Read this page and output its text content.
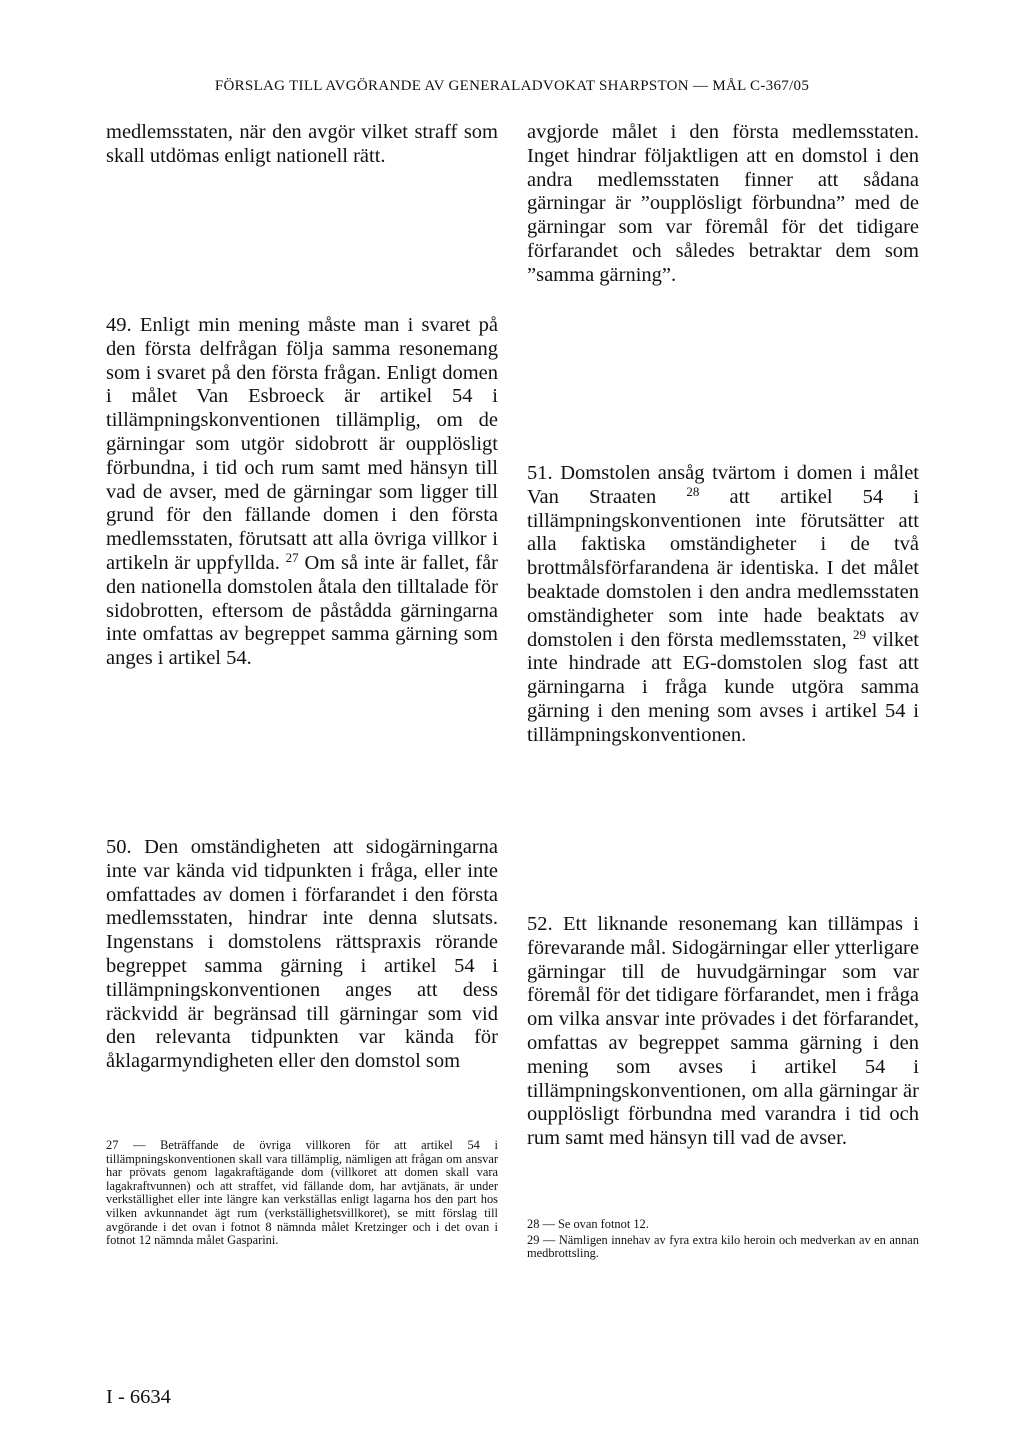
FÖRSLAG TILL AVGÖRANDE AV GENERALADVOKAT SHARPSTON — MÅL C-367/05

medlemsstaten, när den avgör vilket straff som skall utdömas enligt nationell rätt.

49. Enligt min mening måste man i svaret på den första delfrågan följa samma resonemang som i svaret på den första frågan. Enligt domen i målet Van Esbroeck är artikel 54 i tillämpningskonventionen tillämplig, om de gärningar som utgör sidobrott är oupplösligt förbundna, i tid och rum samt med hänsyn till vad de avser, med de gärningar som ligger till grund för den fällande domen i den första medlemsstaten, förutsatt att alla övriga villkor i artikeln är uppfyllda. $^{27}$ Om så inte är fallet, får den nationella domstolen åtala den tilltalade för sidobrotten, eftersom de påstådda gärningarna inte omfattas av begreppet samma gärning som anges i artikel 54.

50. Den omständigheten att sidogärningarna inte var kända vid tidpunkten i fråga, eller inte omfattades av domen i förfarandet i den första medlemsstaten, hindrar inte denna slutsats. Ingenstans i domstolens rättspraxis rörande begreppet samma gärning i artikel 54 i tillämpningskonventionen anges att dess räckvidd är begränsad till gärningar som vid den relevanta tidpunkten var kända för åklagarmyndigheten eller den domstol som

27 — Beträffande de övriga villkoren för att artikel 54 i tillämpningskonventionen skall vara tillämplig, nämligen att frågan om ansvar har prövats genom lagakraftägande dom (villkoret att domen skall vara lagakraftvunnen) och att straffet, vid fällande dom, har avtjänats, är under verkställighet eller inte längre kan verkställas enligt lagarna hos den part hos vilken avkunnandet ägt rum (verkställighetsvillkoret), se mitt förslag till avgörande i det ovan i fotnot 8 nämnda målet Kretzinger och i det ovan i fotnot 12 nämnda målet Gasparini.

avgjorde målet i den första medlemsstaten. Inget hindrar följaktligen att en domstol i den andra medlemsstaten finner att sådana gärningar är ”oupplösligt förbundna” med de gärningar som var föremål för det tidigare förfarandet och således betraktar dem som ”samma gärning”.

51. Domstolen ansåg tvärtom i domen i målet Van Straaten $^{28}$ att artikel 54 i tillämpningskonventionen inte förutsätter att alla faktiska omständigheter i de två brottmålsförfarandena är identiska. I det målet beaktade domstolen i den andra medlemsstaten omständigheter som inte hade beaktats av domstolen i den första medlemsstaten, $^{29}$ vilket inte hindrade att EG-domstolen slog fast att gärningarna i fråga kunde utgöra samma gärning i den mening som avses i artikel 54 i tillämpningskonventionen.

52. Ett liknande resonemang kan tillämpas i förevarande mål. Sidogärningar eller ytterligare gärningar till de huvudgärningar som var föremål för det tidigare förfarandet, men i fråga om vilka ansvar inte prövades i det förfarandet, omfattas av begreppet samma gärning i den mening som avses i artikel 54 i tillämpningskonventionen, om alla gärningar är oupplösligt förbundna med varandra i tid och rum samt med hänsyn till vad de avser.

28 — Se ovan fotnot 12.

29 — Nämligen innehav av fyra extra kilo heroin och medverkan av en annan medbrottsling.

I - 6634
